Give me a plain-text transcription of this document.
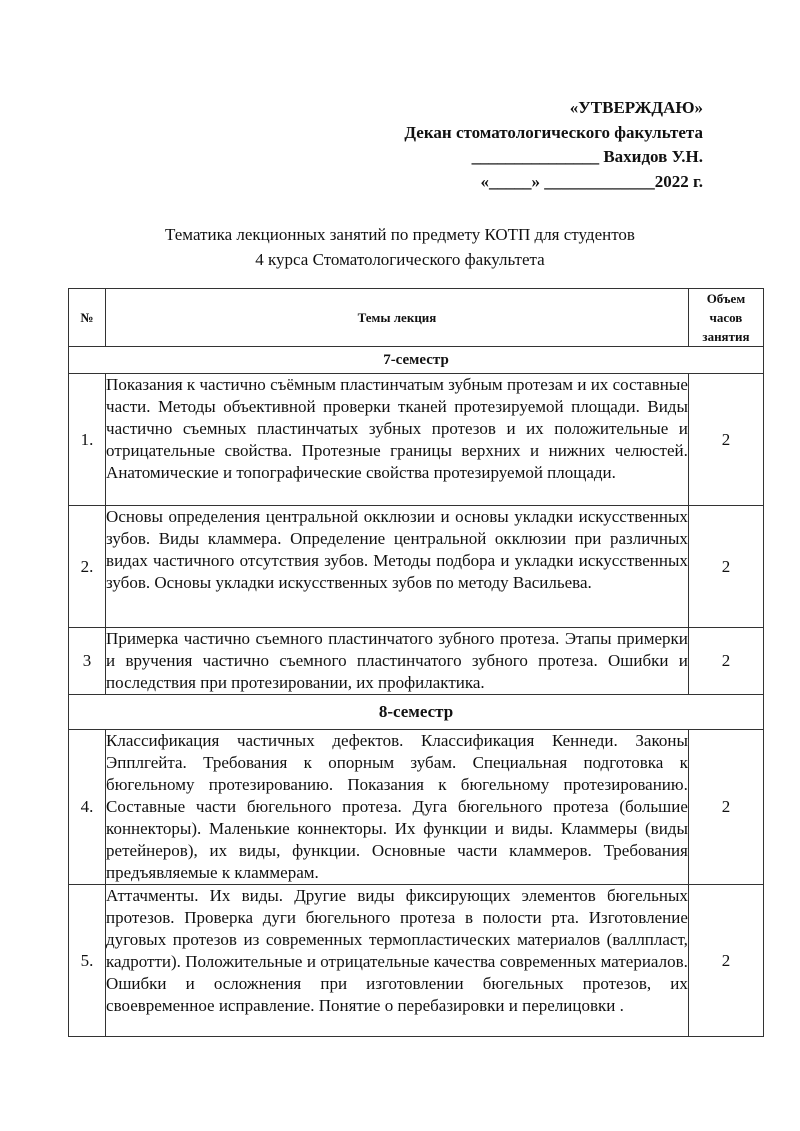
«УТВЕРЖДАЮ»
Декан стоматологического факультета
_______________ Вахидов У.Н.
«_____» _____________2022 г.
Тематика лекционных занятий по предмету КОТП для студентов
4 курса Стоматологического факультета
№	Темы лекция	Объем
часов
занятия

7-семестр		
1.	Показания к частично съёмным пластинчатым зубным протезам и их составные части. Методы объективной проверки тканей протезируемой площади. Виды частично съемных пластинчатых зубных протезов и их положительные и отрицательные свойства. Протезные границы верхних и нижних челюстей. Анатомические и топографические свойства протезируемой площади.	2
2.	Основы определения центральной окклюзии и основы укладки искусственных зубов. Виды кламмера. Определение центральной окклюзии при различных видах частичного отсутствия зубов. Методы подбора и укладки искусственных зубов. Основы укладки искусственных зубов по методу Васильева.	2
3	Примерка частично съемного пластинчатого зубного протеза. Этапы примерки и вручения частично съемного пластинчатого зубного протеза. Ошибки и последствия при протезировании, их профилактика.	2
8-семестр		
4.	Классификация частичных дефектов. Классификация Кеннеди. Законы Эпплгейта. Требования к опорным зубам. Специальная подготовка к бюгельному протезированию. Показания к бюгельному протезированию. Составные части бюгельного протеза. Дуга бюгельного протеза (большие коннекторы). Маленькие коннекторы. Их функции и виды. Кламмеры (виды ретейнеров), их виды, функции. Основные части кламмеров. Требования предъявляемые к кламмерам.	2
5.	Аттачменты. Их виды. Другие виды фиксирующих элементов бюгельных протезов. Проверка дуги бюгельного протеза в полости рта. Изготовление дуговых протезов из современных термопластических материалов (валлпласт, кадротти). Положительные и отрицательные качества современных материалов. Ошибки и осложнения при изготовлении бюгельных протезов, их своевременное исправление. Понятие о перебазировки и перелицовки .	2
